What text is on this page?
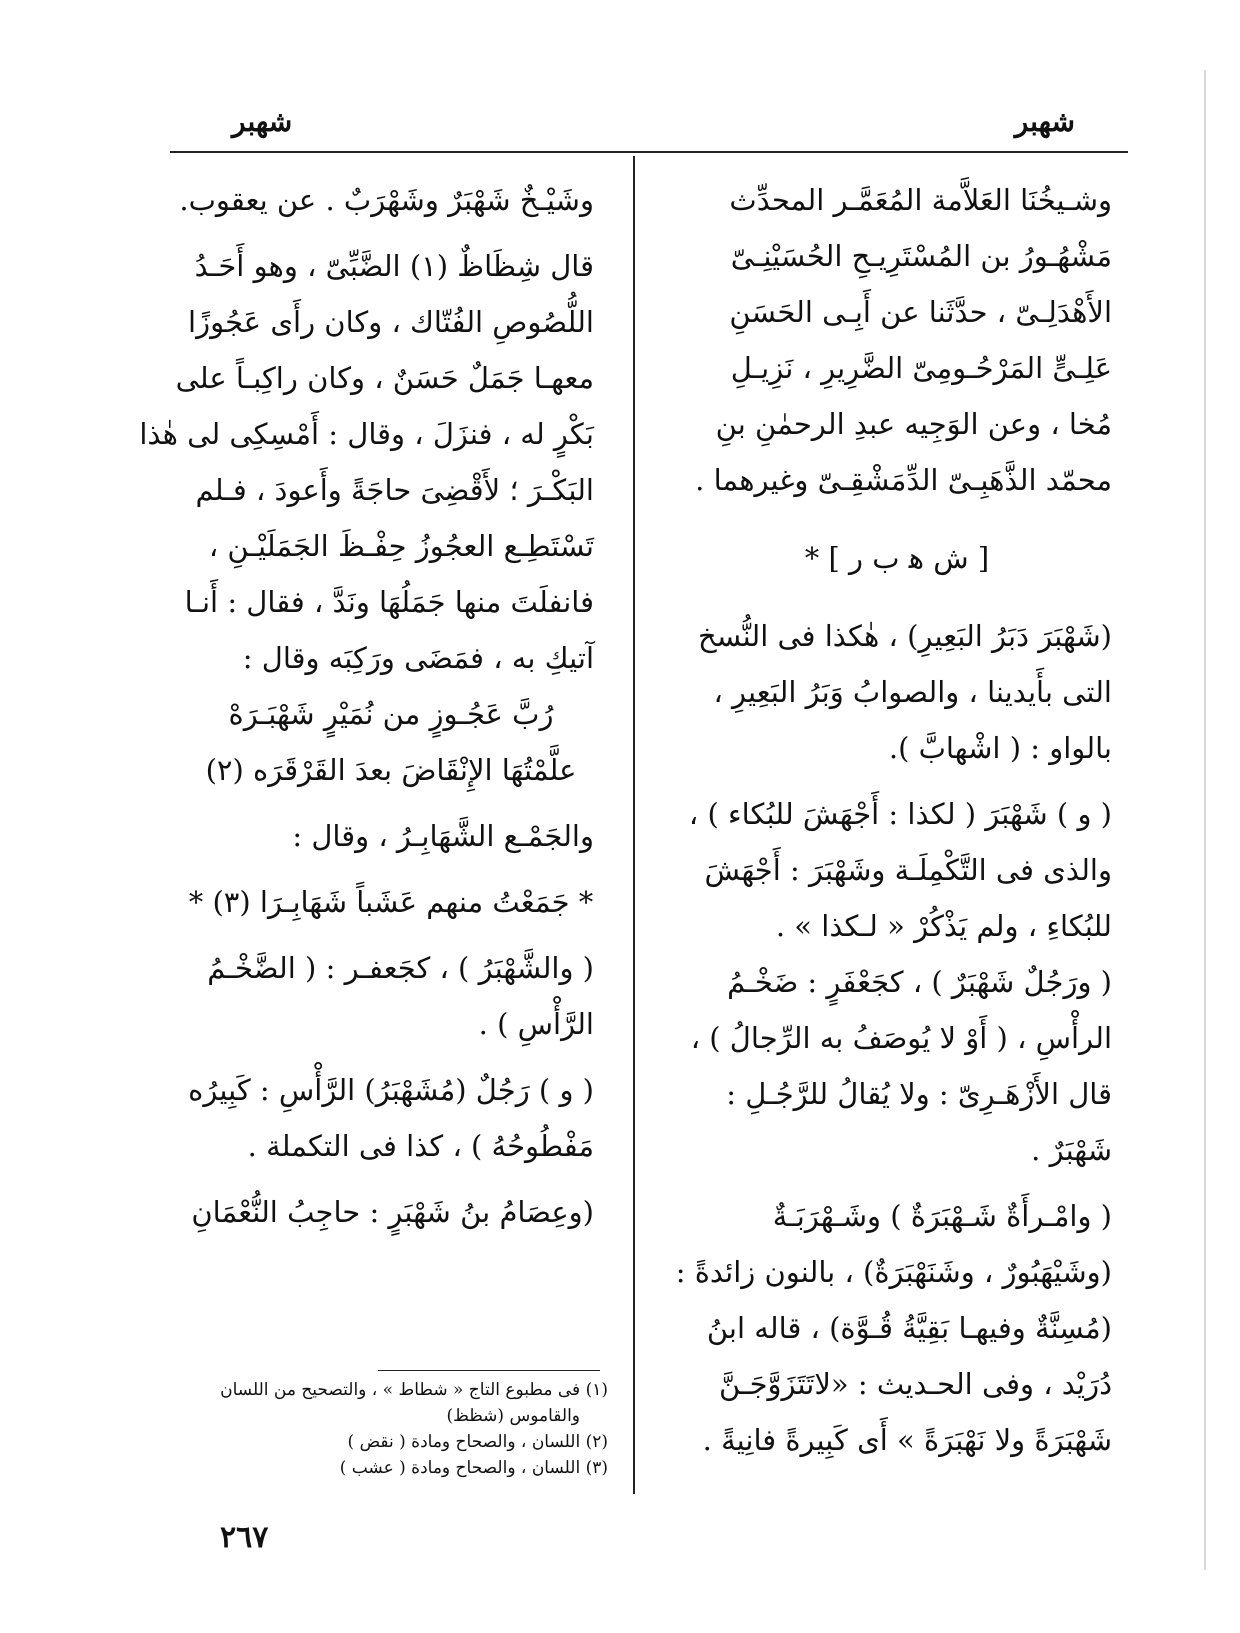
شهبر
شهبر
وشـيخُنَا العَلاَّمة المُعَمَّـر المحدِّث
مَشْهُـورُ بن المُسْتَرِيـحِ الحُسَيْنِـىّ
الأَهْدَلِـىّ ، حدَّثَنا عن أَبِـى الحَسَنِ
عَلِـىٍّ المَرْحُـومِىّ الضَّرِيرِ ، نَزِيـلِ
مُخا ، وعن الوَجِيه عبدِ الرحمٰنِ بنِ
محمّد الذَّهَبِـىّ الدِّمَشْقِـىّ وغيرهما .
[ ش ﻫ ب ر ] *
(شَهْبَرَ دَبَرُ البَعِيرِ) ، هٰكذا فى النُّسخ
التى بأَيدينا ، والصوابُ وَبَرُ البَعِيرِ ،
بالواو : ( اشْهابَّ ).
( و ) شَهْبَرَ ( لكذا : أَجْهَشَ للبُكاء ) ،
والذى فى التَّكْمِلَـة وشَهْبَرَ : أَجْهَشَ
للبُكاءِ ، ولم يَذْكُرْ « لـكذا » .
( ورَجُلٌ شَهْبَرٌ ) ، كجَعْفَرٍ : ضَخْـمُ
الرأْسِ ، ( أَوْ لا يُوصَفُ به الرِّجالُ ) ،
قال الأَزْهَـرِىّ : ولا يُقالُ للرَّجُـلِ :
شَهْبَرٌ .
( وامْـرأَةٌ شَـهْبَرَةٌ ) وشَـهْرَبَـةٌ
(وشَيْهَبُورٌ ، وشَنَهْبَرَةٌ) ، بالنون زائدةً :
(مُسِنَّةٌ وفيهـا بَقِيَّةُ قُـوَّة) ، قاله ابنُ
دُرَيْد ، وفى الحـديث : «لاتَتَزَوَّجَـنَّ
شَهْبَرَةً ولا نَهْبَرَةً » أَى كَبِيرةً فانِيةً .
وشَيْـخٌ شَهْبَرٌ وشَهْرَبٌ . عن يعقوب.
قال شِظَاظٌ (١) الضَّبِّىّ ، وهو أَحَـدُ
اللُّصُوصِ الفُتّاك ، وكان رأَى عَجُوزًا
معهـا جَمَلٌ حَسَنٌ ، وكان راكِبـاً على
بَكْرٍ له ، فنزَلَ ، وقال : أَمْسِكِى لى هٰذا
البَكْـرَ ؛ لأَقْضِىَ حاجَةً وأَعودَ ، فـلم
تَسْتَطِـع العجُوزُ حِفْـظَ الجَمَلَيْـنِ ،
فانفلَتَ منها جَمَلُهَا ونَدَّ ، فقال : أَنـا
آتيكِ به ، فمَضَى ورَكِبَه وقال :
رُبَّ عَجُـوزٍ من نُمَيْرٍ شَهْبَـرَهْ
علَّمْتُهَا الإِنْقَاضَ بعدَ القَرْقَرَه (٢)
والجَمْـع الشَّهَابِـرُ ، وقال :
* جَمَعْتُ منهم عَشَباً شَهَابِـرَا (٣) *
( والشَّهْبَرُ ) ، كجَعفـر : ( الضَّخْـمُ
الرَّأْسِ ) .
( و ) رَجُلٌ (مُشَهْبَرُ) الرَّأْسِ : كَبِيرُه
مَفْطُوحُهُ ) ، كذا فى التكملة .
(وعِصَامُ بنُ شَهْبَرٍ : حاجِبُ النُّعْمَانِ
(١) فى مطبوع التاج « شطاط » ، والتصحيح من اللسان
والقاموس (شظظ)
(٢) اللسان ، والصحاح ومادة ( نقض )
(٣) اللسان ، والصحاح ومادة ( عشب )
٢٦٧
